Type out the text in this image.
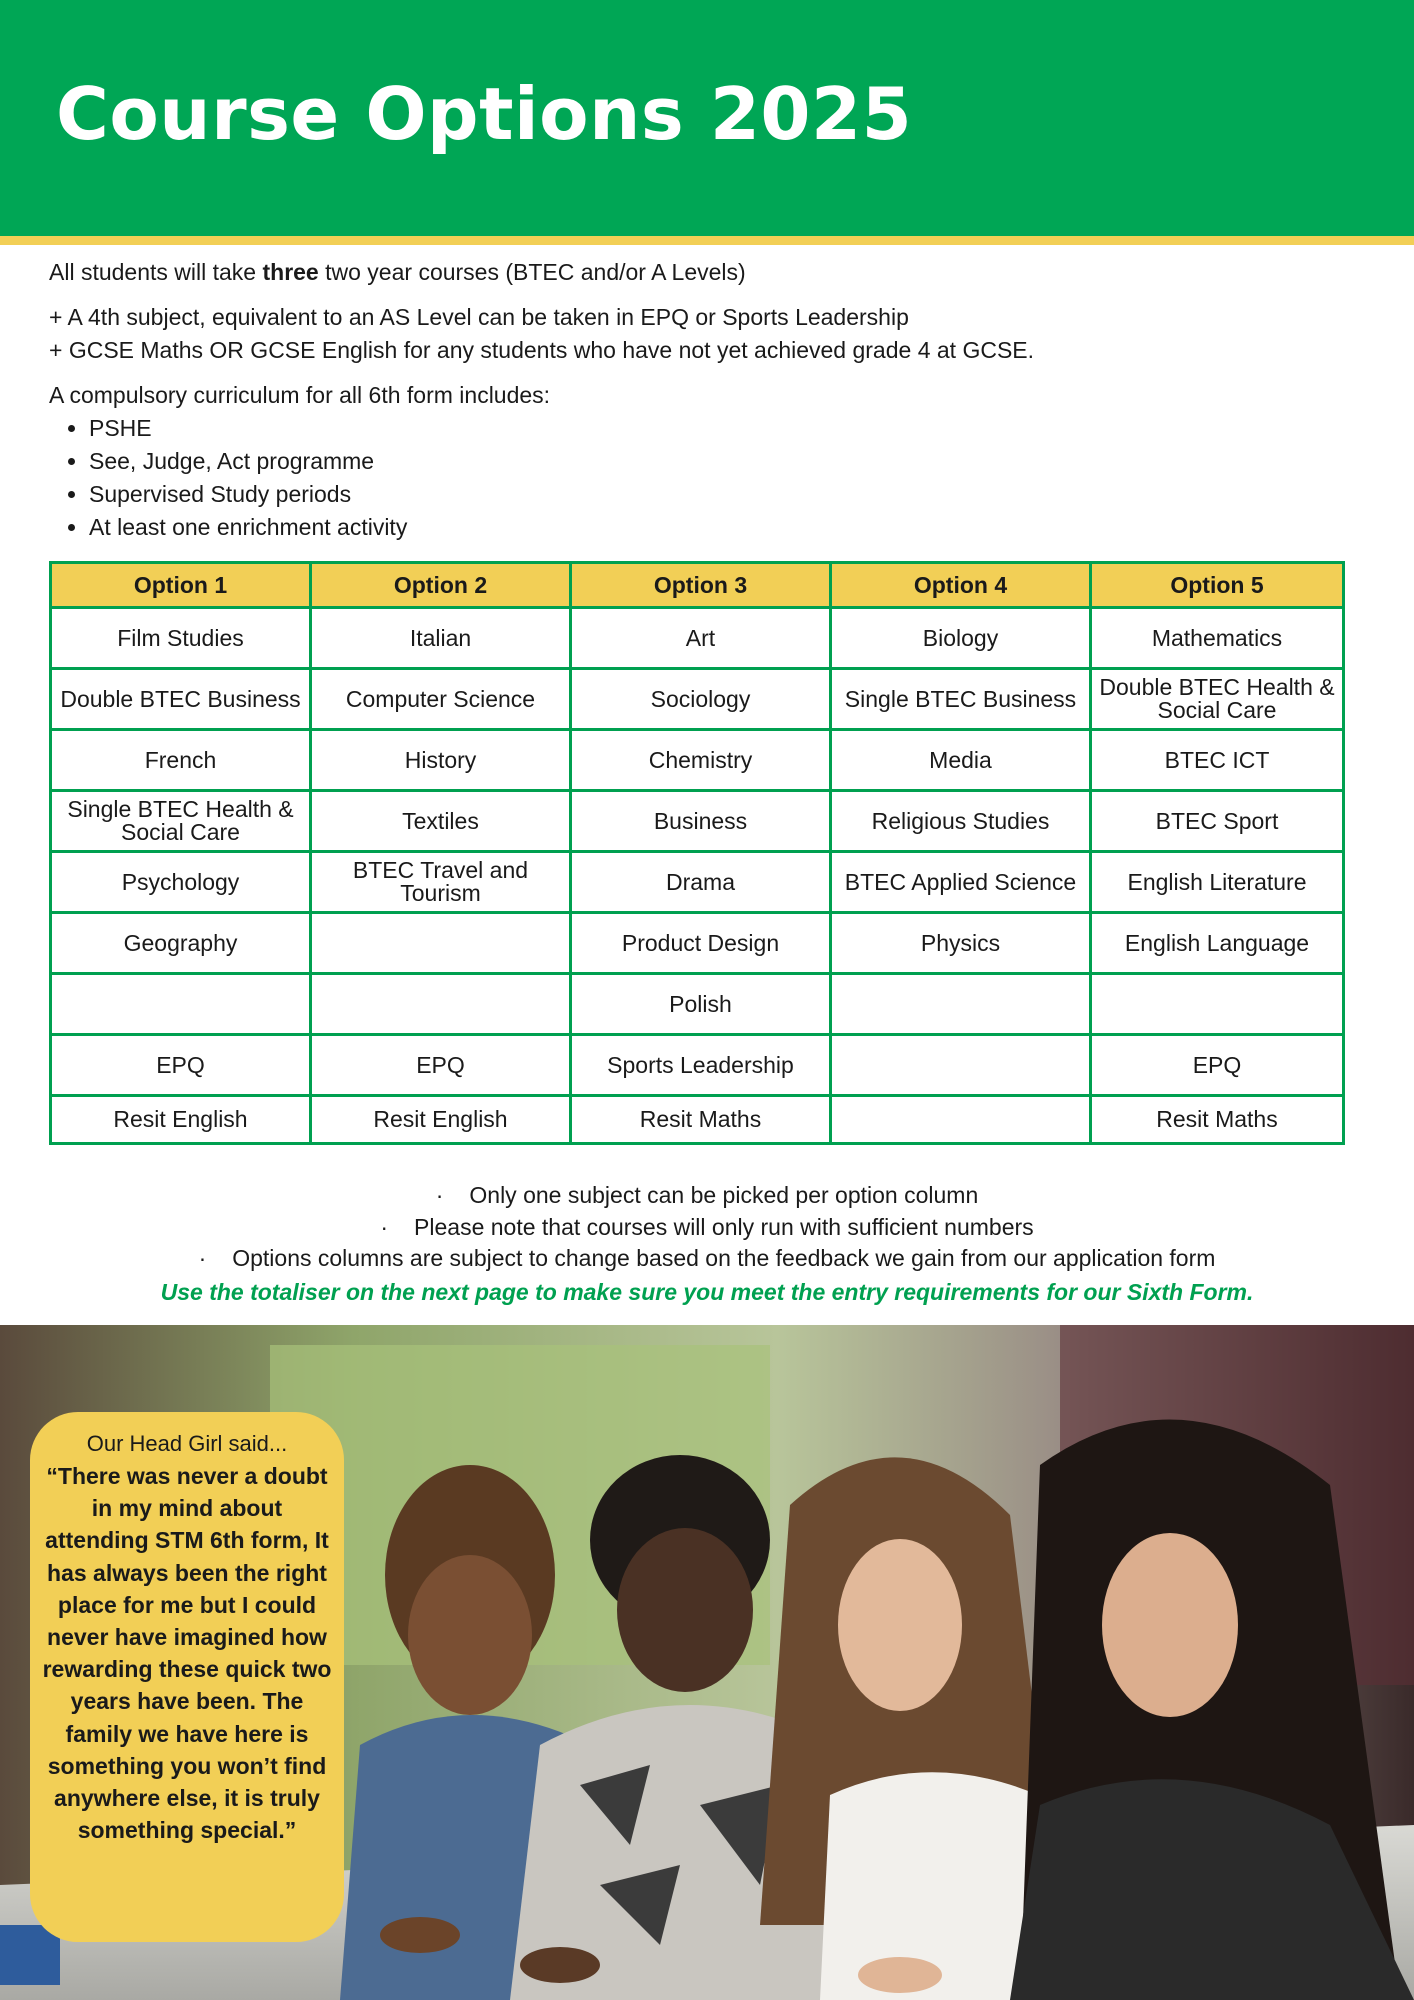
Course Options 2025

All students will take three two year courses (BTEC and/or A Levels)

+ A 4th subject, equivalent to an AS Level can be taken in EPQ or Sports Leadership

+ GCSE Maths OR GCSE English for any students who have not yet achieved grade 4 at GCSE.

A compulsory curriculum for all 6th form includes:

• PSHE
• See, Judge, Act programme
• Supervised Study periods
• At least one enrichment activity
Option 1	Option 2	Option 3	Option 4	Option 5
Film Studies	Italian	Art	Biology	Mathematics
Double BTEC Business	Computer Science	Sociology	Single BTEC Business	Double BTEC Health & Social Care
French	History	Chemistry	Media	BTEC ICT
Single BTEC Health & Social Care	Textiles	Business	Religious Studies	BTEC Sport
Psychology	BTEC Travel and Tourism	Drama	BTEC Applied Science	English Literature
Geography		Product Design	Physics	English Language
		Polish		
EPQ	EPQ	Sports Leadership		EPQ
Resit English	Resit English	Resit Maths		Resit Maths
· Only one subject can be picked per option column
· Please note that courses will only run with sufficient numbers
· Options columns are subject to change based on the feedback we gain from our application form
Use the totaliser on the next page to make sure you meet the entry requirements for our Sixth Form.
Our Head Girl said...
“There was never a doubt in my mind about attending STM 6th form, It has always been the right place for me but I could never have imagined how rewarding these quick two years have been. The family we have here is something you won’t find anywhere else, it is truly something special.”
